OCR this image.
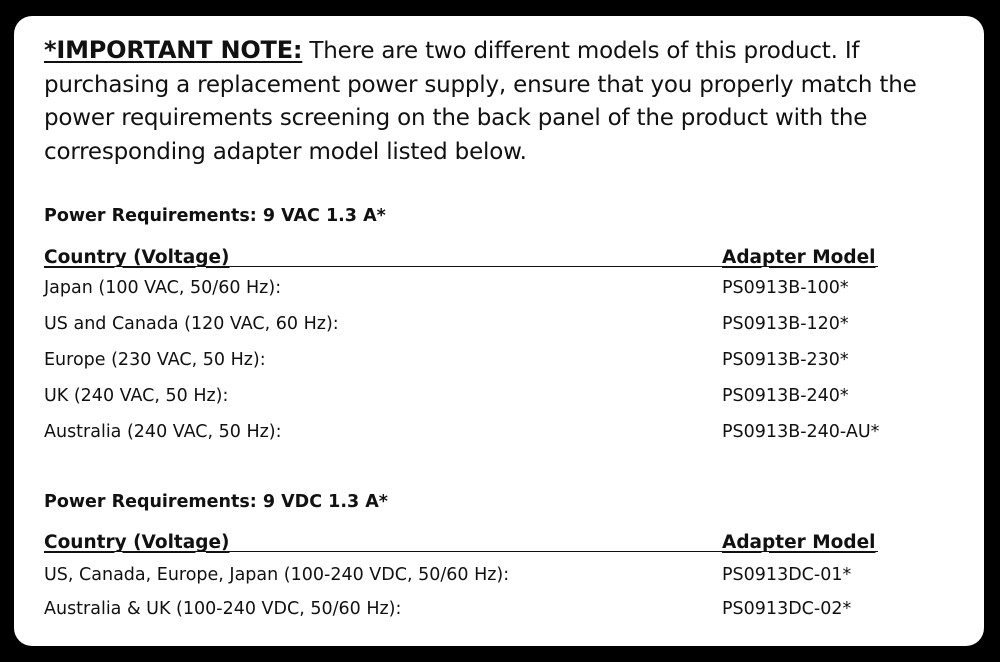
*IMPORTANT NOTE: There are two different models of this product. If purchasing a replacement power supply, ensure that you properly match the power requirements screening on the back panel of the product with the corresponding adapter model listed below.
Power Requirements: 9 VAC 1.3 A*
Country (Voltage)	Adapter Model
Japan (100 VAC, 50/60 Hz):	PS0913B-100*
US and Canada (120 VAC, 60 Hz):	PS0913B-120*
Europe (230 VAC, 50 Hz):	PS0913B-230*
UK (240 VAC, 50 Hz):	PS0913B-240*
Australia (240 VAC, 50 Hz):	PS0913B-240-AU*
Power Requirements: 9 VDC 1.3 A*
Country (Voltage)	Adapter Model
US, Canada, Europe, Japan (100-240 VDC, 50/60 Hz):	PS0913DC-01*
Australia & UK (100-240 VDC, 50/60 Hz):	PS0913DC-02*
